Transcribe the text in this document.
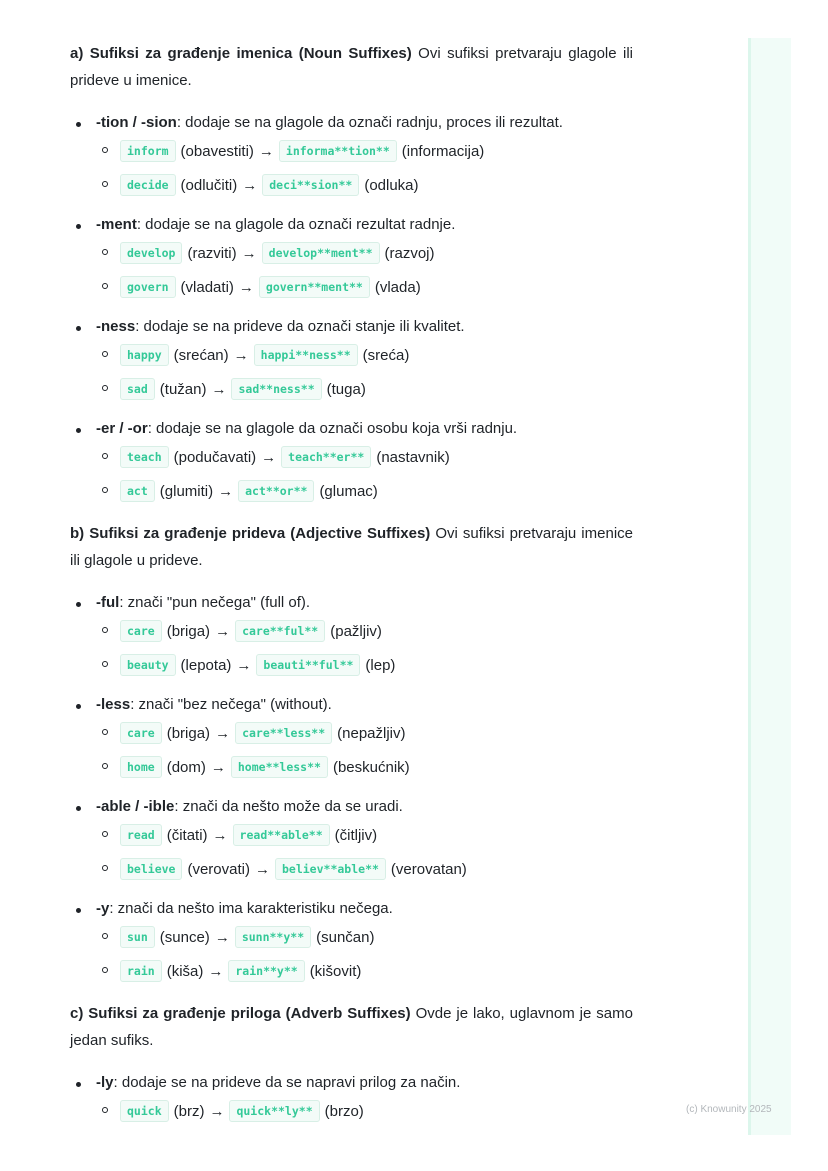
a) Sufiksi za građenje imenica (Noun Suffixes) Ovi sufiksi pretvaraju glagole ili prideve u imenice.

-tion / -sion: dodaje se na glagole da označi radnju, proces ili rezultat.
inform (obavestiti) →	informa**tion** (informacija)
decide (odlučiti) →	deci**sion** (odluka)
-ment: dodaje se na glagole da označi rezultat radnje.
develop (razviti) →	develop**ment** (razvoj)
govern (vladati) →	govern**ment** (vlada)
-ness: dodaje se na prideve da označi stanje ili kvalitet.
happy (srećan) →	happi**ness** (sreća)
sad (tužan) →	sad**ness** (tuga)
-er / -or: dodaje se na glagole da označi osobu koja vrši radnju.
teach (podučavati) →	teach**er** (nastavnik)
act (glumiti) →	act**or** (glumac)

b) Sufiksi za građenje prideva (Adjective Suffixes) Ovi sufiksi pretvaraju imenice ili glagole u prideve.

-ful: znači "pun nečega" (full of).
care (briga) →	care**ful** (pažljiv)
beauty (lepota) →	beauti**ful** (lep)
-less: znači "bez nečega" (without).
care (briga) →	care**less** (nepažljiv)
home (dom) →	home**less** (beskućnik)
-able / -ible: znači da nešto može da se uradi.
read (čitati) →	read**able** (čitljiv)
believe (verovati) →	believ**able** (verovatan)
-y: znači da nešto ima karakteristiku nečega.
sun (sunce) →	sunn**y** (sunčan)
rain (kiša) →	rain**y** (kišovit)

c) Sufiksi za građenje priloga (Adverb Suffixes) Ovde je lako, uglavnom je samo jedan sufiks.

-ly: dodaje se na prideve da se napravi prilog za način.
quick (brz) →	quick**ly** (brzo)	(c) Knowunity 2025
